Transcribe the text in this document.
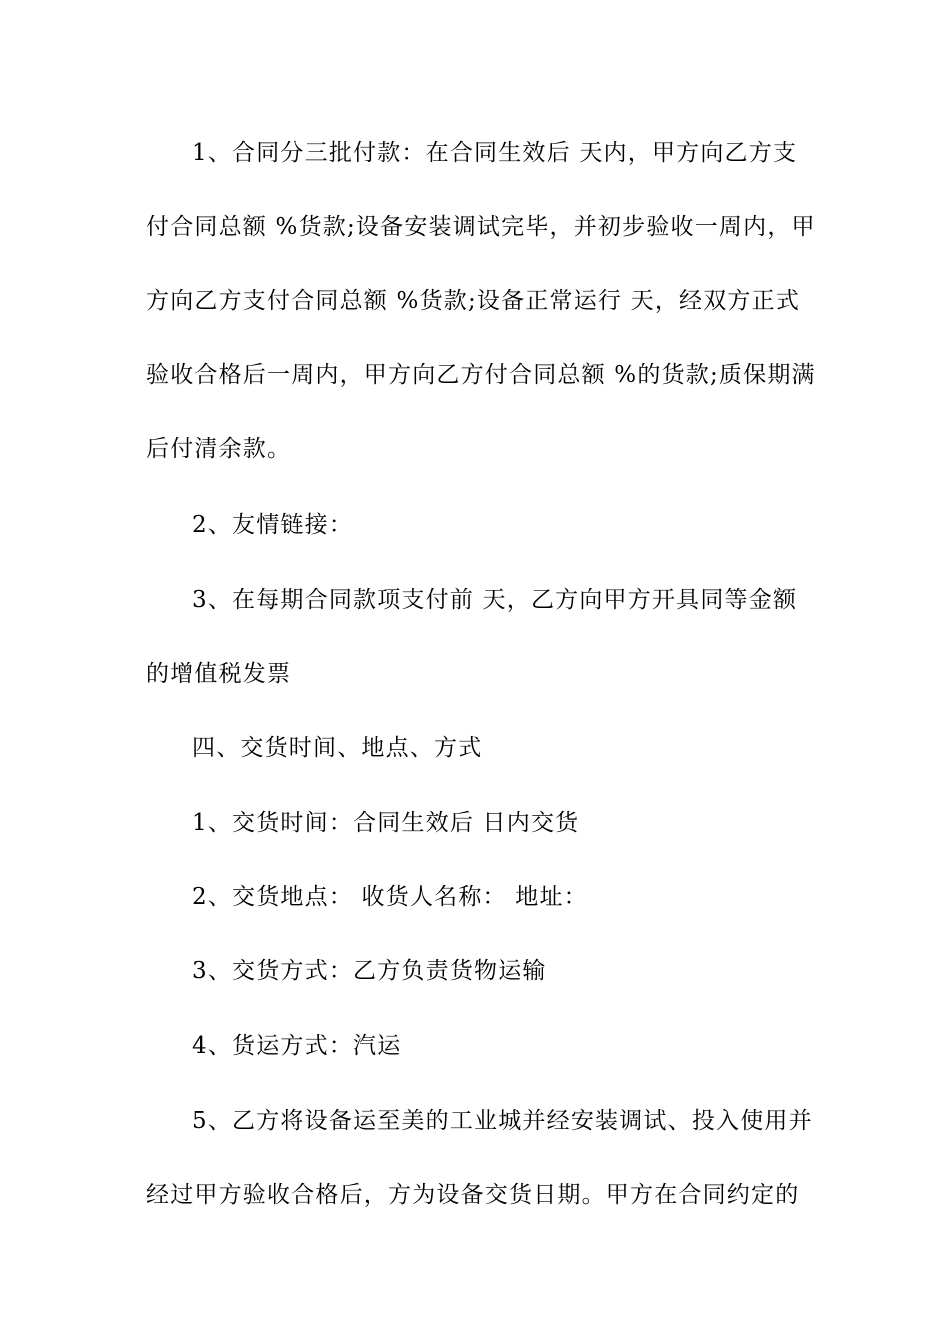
1、合同分三批付款：在合同生效后 天内，甲方向乙方支
付合同总额 %货款;设备安装调试完毕，并初步验收一周内，甲
方向乙方支付合同总额 %货款;设备正常运行 天，经双方正式
验收合格后一周内，甲方向乙方付合同总额 %的货款;质保期满
后付清余款。
2、友情链接：
3、在每期合同款项支付前 天，乙方向甲方开具同等金额
的增值税发票
四、交货时间、地点、方式
1、交货时间：合同生效后 日内交货
2、交货地点： 收货人名称： 地址：
3、交货方式：乙方负责货物运输
4、货运方式：汽运
5、乙方将设备运至美的工业城并经安装调试、投入使用并
经过甲方验收合格后，方为设备交货日期。甲方在合同约定的
